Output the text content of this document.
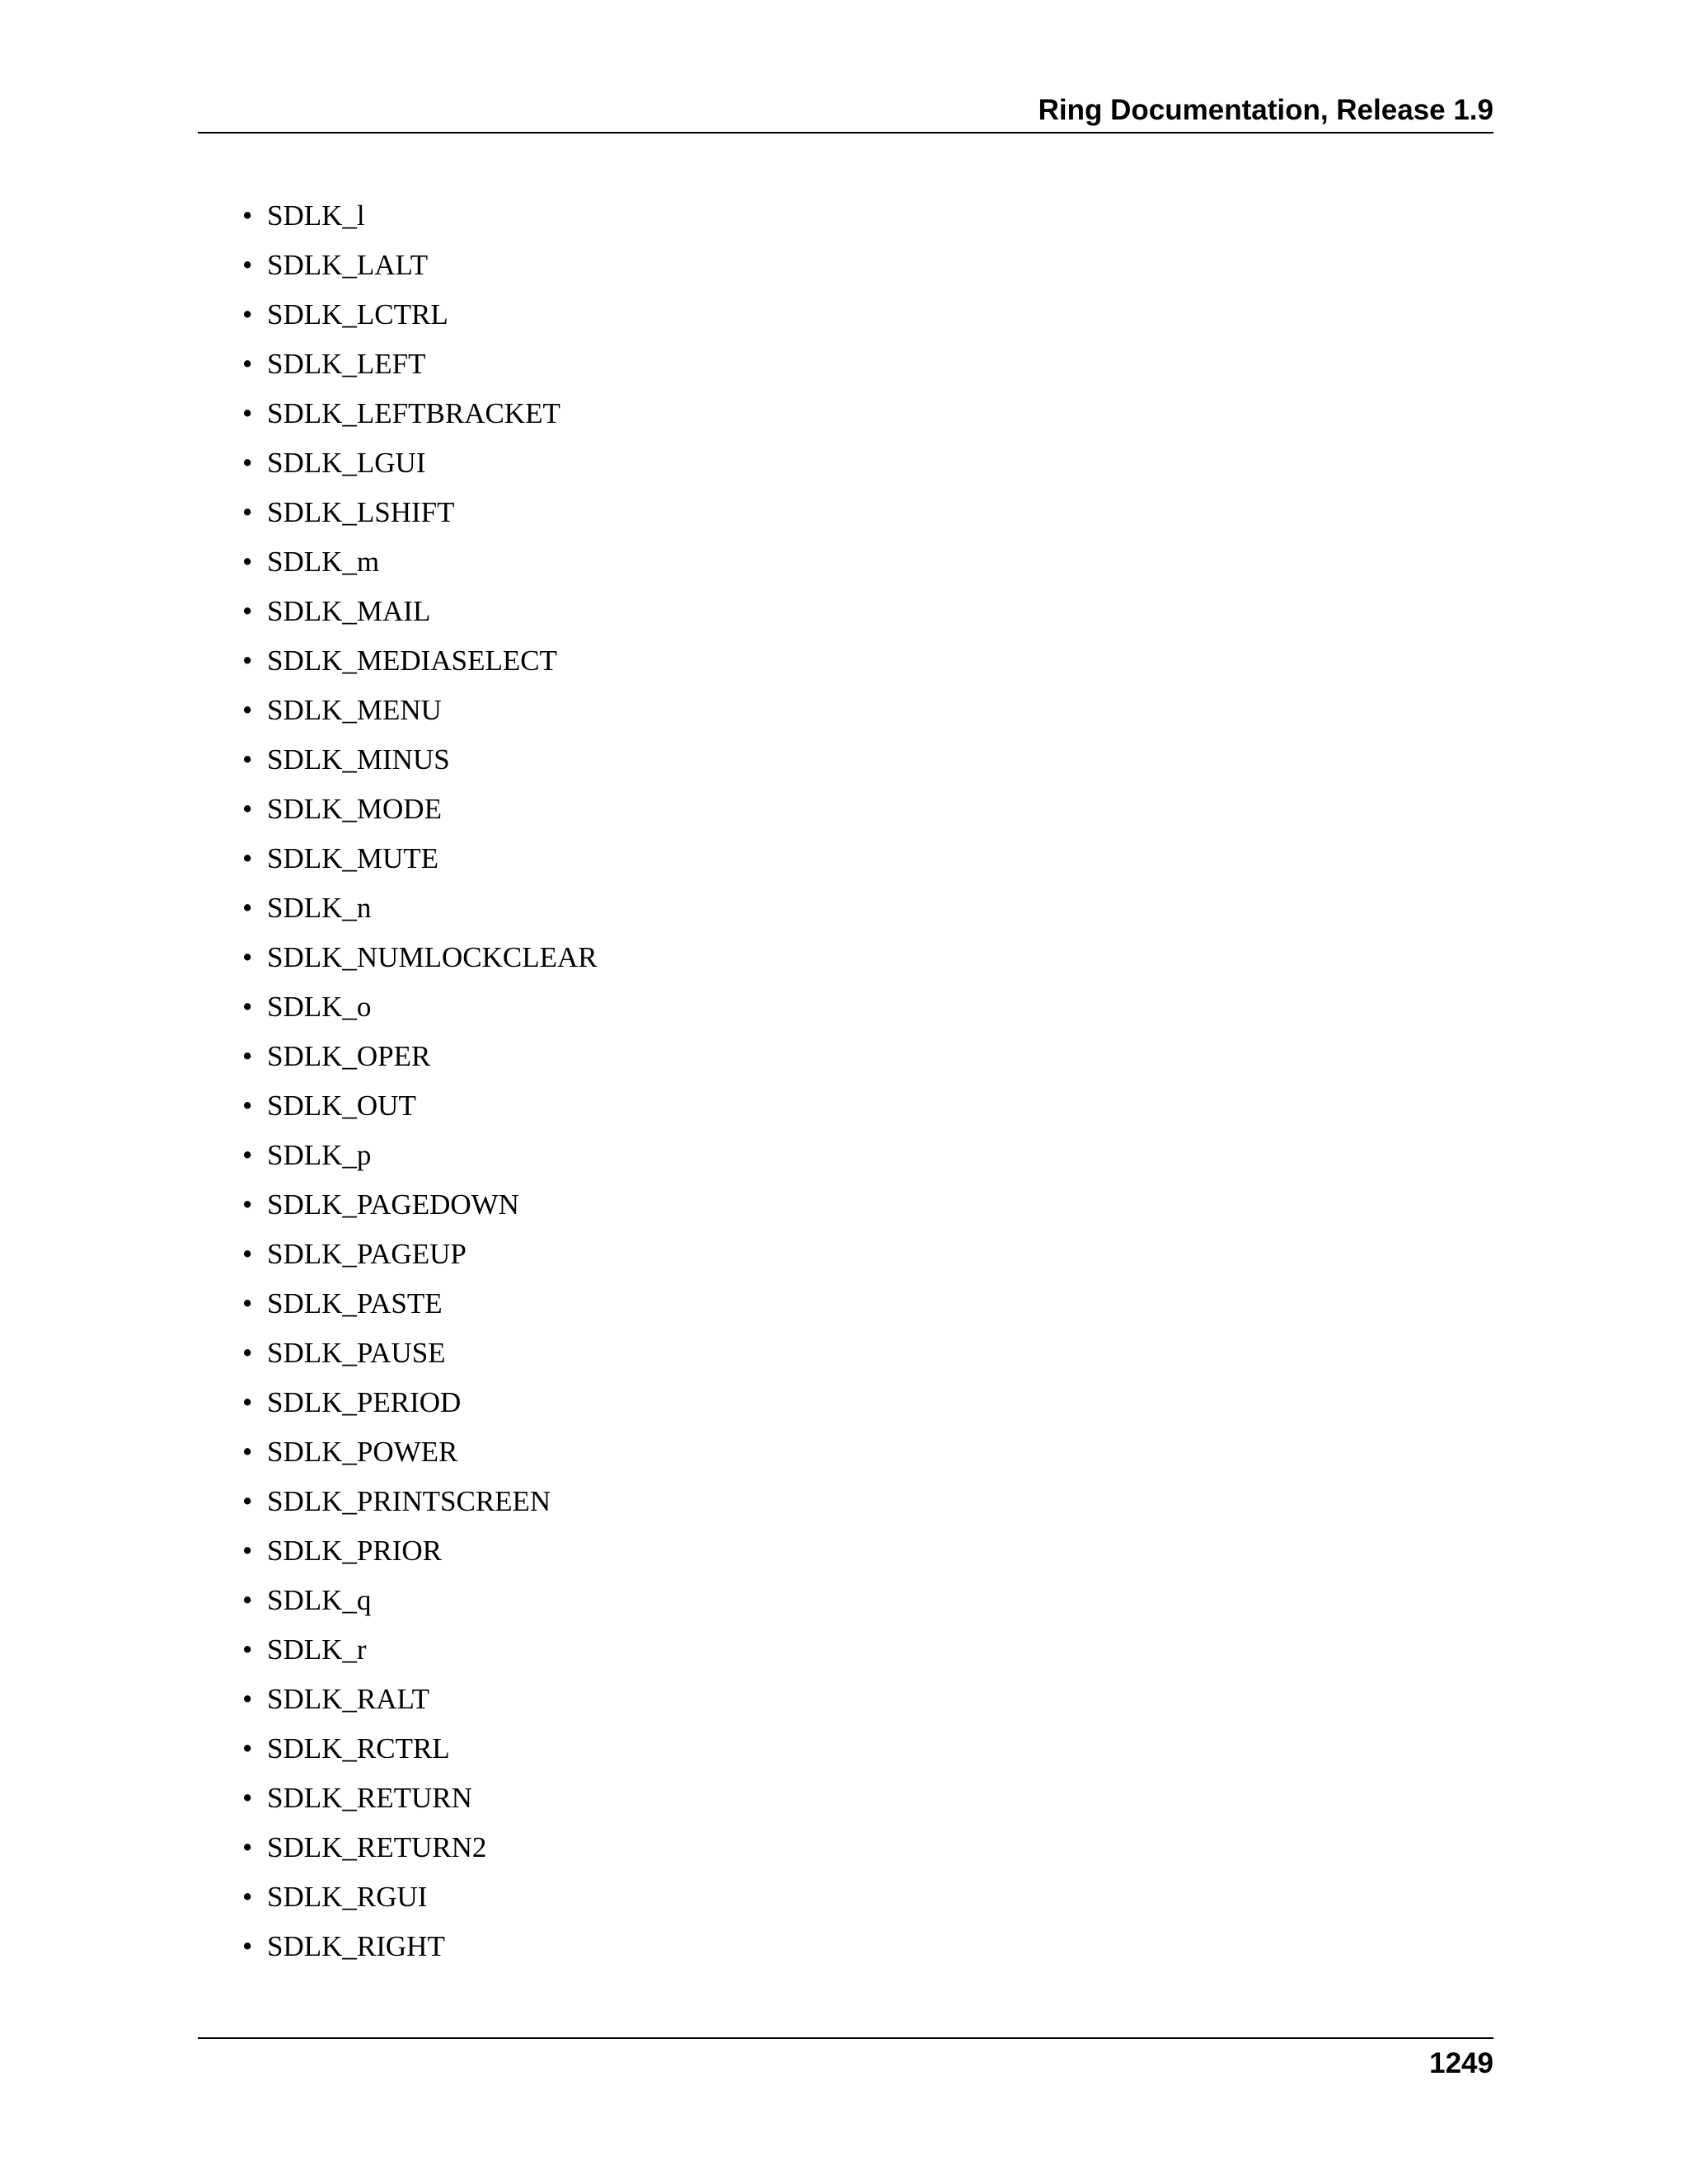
Ring Documentation, Release 1.9
• SDLK_l
• SDLK_LALT
• SDLK_LCTRL
• SDLK_LEFT
• SDLK_LEFTBRACKET
• SDLK_LGUI
• SDLK_LSHIFT
• SDLK_m
• SDLK_MAIL
• SDLK_MEDIASELECT
• SDLK_MENU
• SDLK_MINUS
• SDLK_MODE
• SDLK_MUTE
• SDLK_n
• SDLK_NUMLOCKCLEAR
• SDLK_o
• SDLK_OPER
• SDLK_OUT
• SDLK_p
• SDLK_PAGEDOWN
• SDLK_PAGEUP
• SDLK_PASTE
• SDLK_PAUSE
• SDLK_PERIOD
• SDLK_POWER
• SDLK_PRINTSCREEN
• SDLK_PRIOR
• SDLK_q
• SDLK_r
• SDLK_RALT
• SDLK_RCTRL
• SDLK_RETURN
• SDLK_RETURN2
• SDLK_RGUI
• SDLK_RIGHT
1249
